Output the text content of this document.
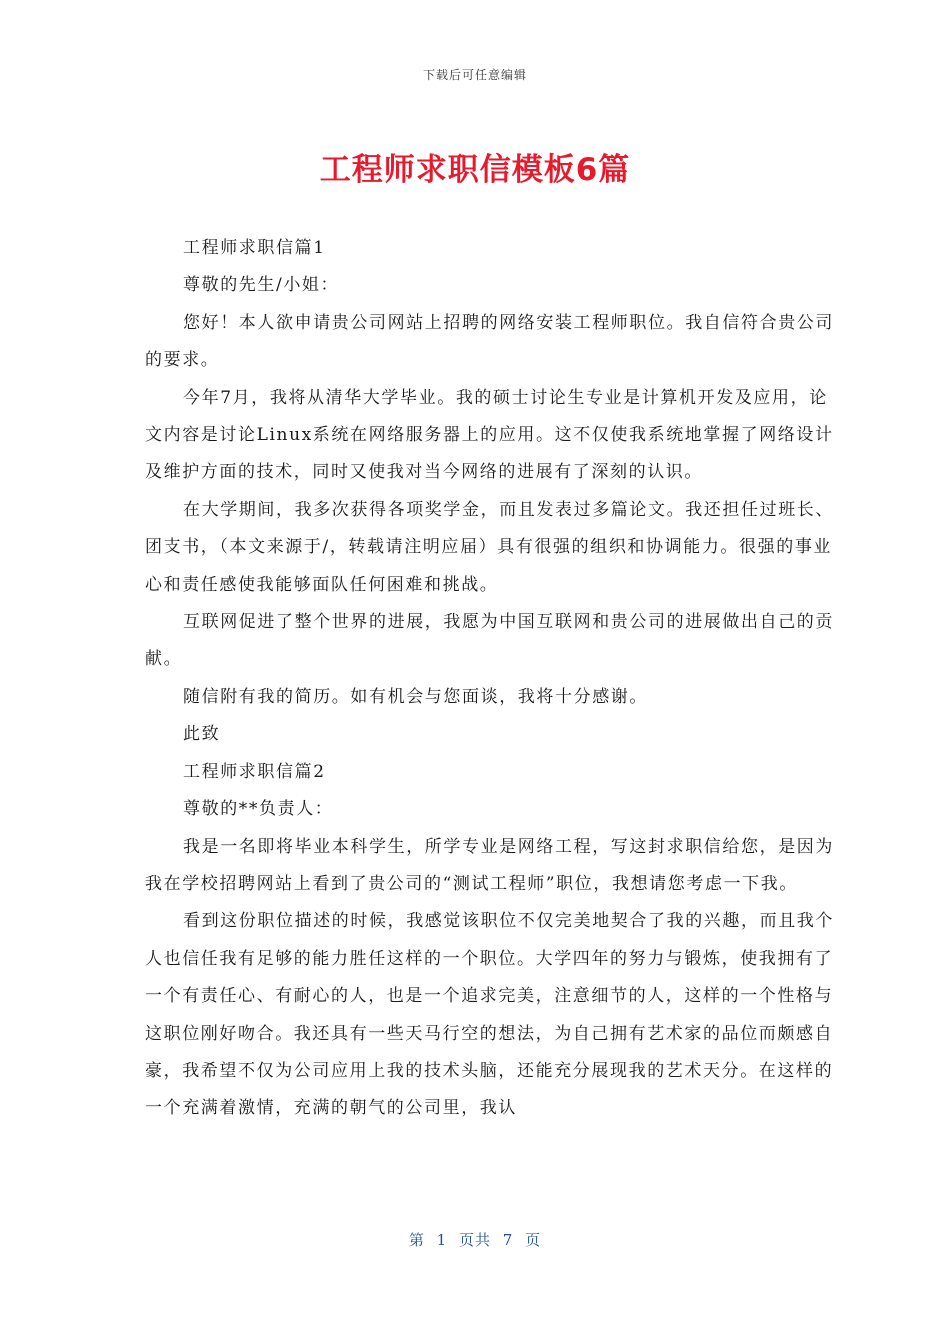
下载后可任意编辑
工程师求职信模板6篇

工程师求职信篇1

尊敬的先生/小姐：

您好！本人欲申请贵公司网站上招聘的网络安装工程师职位。我自信符合贵公司的要求。

今年7月，我将从清华大学毕业。我的硕士讨论生专业是计算机开发及应用，论文内容是讨论Linux系统在网络服务器上的应用。这不仅使我系统地掌握了网络设计及维护方面的技术，同时又使我对当今网络的进展有了深刻的认识。

在大学期间，我多次获得各项奖学金，而且发表过多篇论文。我还担任过班长、团支书，（本文来源于/，转载请注明应届）具有很强的组织和协调能力。很强的事业心和责任感使我能够面队任何困难和挑战。

互联网促进了整个世界的进展，我愿为中国互联网和贵公司的进展做出自己的贡献。

随信附有我的简历。如有机会与您面谈，我将十分感谢。

此致

工程师求职信篇2

尊敬的**负责人：

我是一名即将毕业本科学生，所学专业是网络工程，写这封求职信给您，是因为我在学校招聘网站上看到了贵公司的“测试工程师”职位，我想请您考虑一下我。

看到这份职位描述的时候，我感觉该职位不仅完美地契合了我的兴趣，而且我个人也信任我有足够的能力胜任这样的一个职位。大学四年的努力与锻炼，使我拥有了一个有责任心、有耐心的人，也是一个追求完美，注意细节的人，这样的一个性格与这职位刚好吻合。我还具有一些天马行空的想法，为自己拥有艺术家的品位而颇感自豪，我希望不仅为公司应用上我的技术头脑，还能充分展现我的艺术天分。在这样的一个充满着激情，充满的朝气的公司里，我认

第 1 页共 7 页
